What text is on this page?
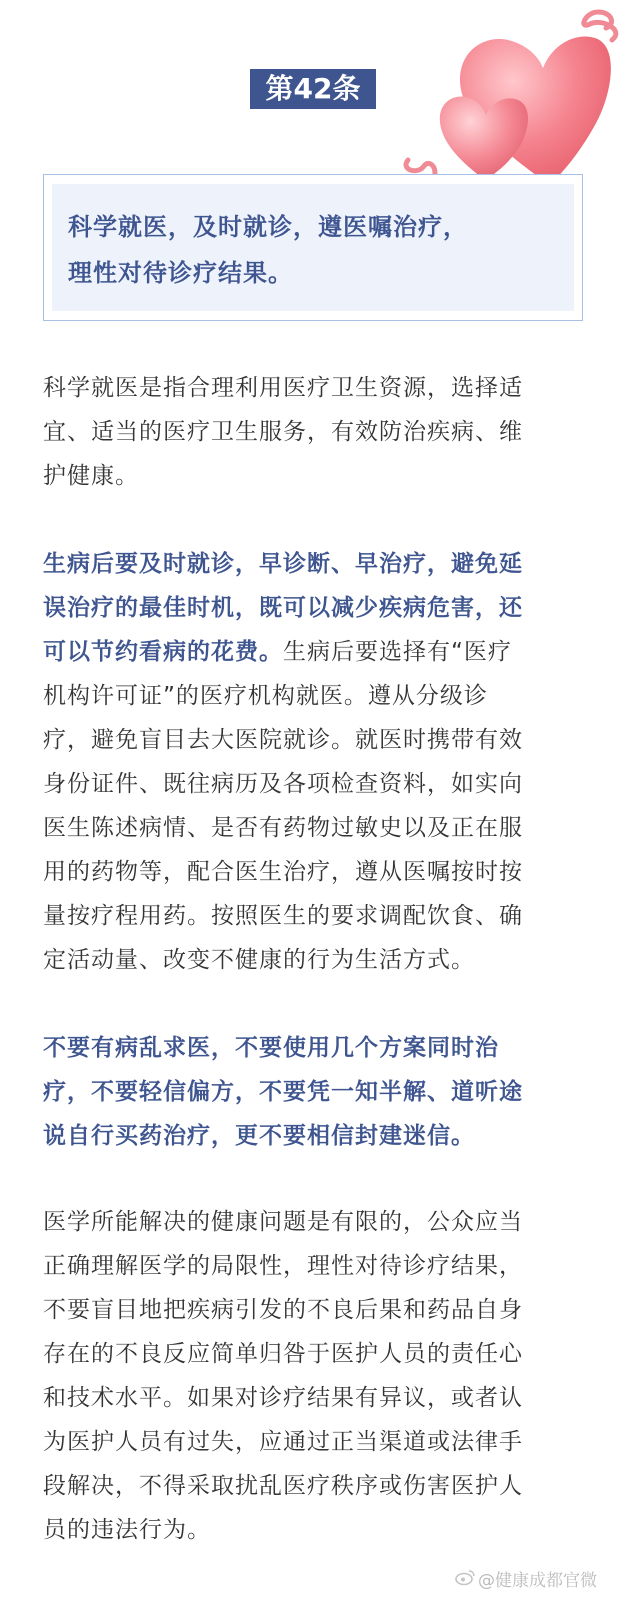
第42条
科学就医，及时就诊，遵医嘱治疗，
理性对待诊疗结果。
科学就医是指合理利用医疗卫生资源，选择适
宜、适当的医疗卫生服务，有效防治疾病、维
护健康。
生病后要及时就诊，早诊断、早治疗，避免延
误治疗的最佳时机，既可以减少疾病危害，还
可以节约看病的花费。生病后要选择有“医疗
机构许可证”的医疗机构就医。遵从分级诊
疗，避免盲目去大医院就诊。就医时携带有效
身份证件、既往病历及各项检查资料，如实向
医生陈述病情、是否有药物过敏史以及正在服
用的药物等，配合医生治疗，遵从医嘱按时按
量按疗程用药。按照医生的要求调配饮食、确
定活动量、改变不健康的行为生活方式。
不要有病乱求医，不要使用几个方案同时治
疗，不要轻信偏方，不要凭一知半解、道听途
说自行买药治疗，更不要相信封建迷信。
医学所能解决的健康问题是有限的，公众应当
正确理解医学的局限性，理性对待诊疗结果，
不要盲目地把疾病引发的不良后果和药品自身
存在的不良反应简单归咎于医护人员的责任心
和技术水平。如果对诊疗结果有异议，或者认
为医护人员有过失，应通过正当渠道或法律手
段解决，不得采取扰乱医疗秩序或伤害医护人
员的违法行为。
@健康成都官微
